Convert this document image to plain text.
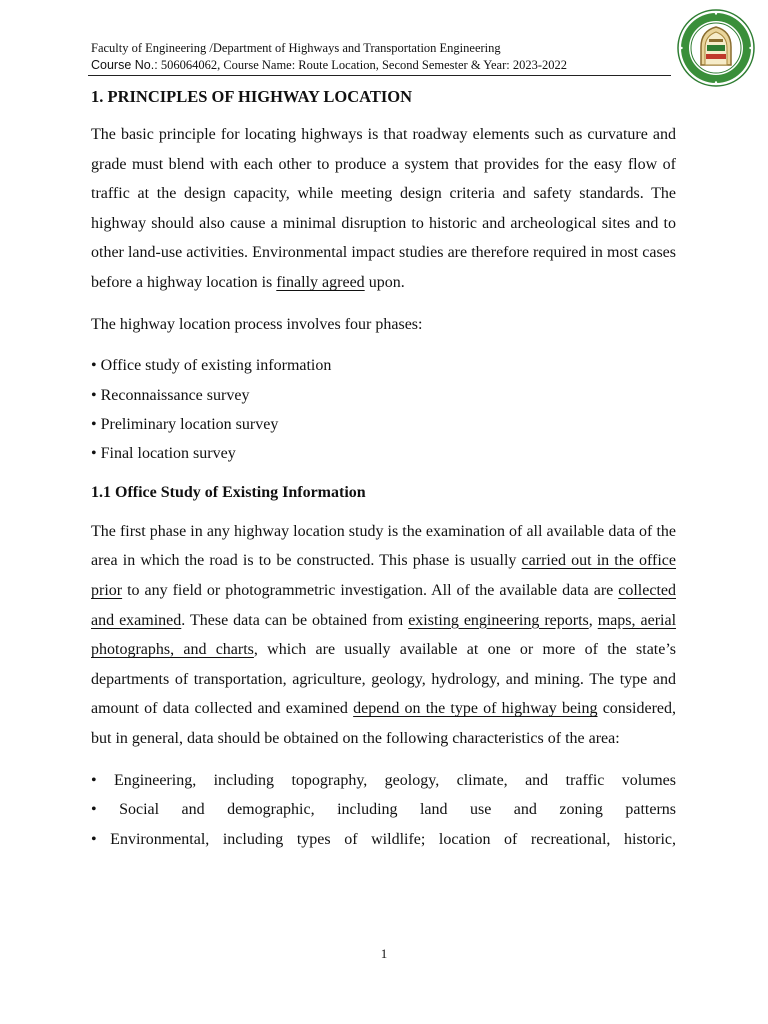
Faculty of Engineering /Department of Highways and Transportation Engineering
Course No.: 506064062, Course Name: Route Location, Second Semester & Year: 2023-2022
1. PRINCIPLES OF HIGHWAY LOCATION

The basic principle for locating highways is that roadway elements such as curvature and grade must blend with each other to produce a system that provides for the easy flow of traffic at the design capacity, while meeting design criteria and safety standards. The highway should also cause a minimal disruption to historic and archeological sites and to other land-use activities. Environmental impact studies are therefore required in most cases before a highway location is finally agreed upon.

The highway location process involves four phases:

• Office study of existing information
• Reconnaissance survey
• Preliminary location survey
• Final location survey
1.1 Office Study of Existing Information

The first phase in any highway location study is the examination of all available data of the area in which the road is to be constructed. This phase is usually carried out in the office prior to any field or photogrammetric investigation. All of the available data are collected and examined. These data can be obtained from existing engineering reports, maps, aerial photographs, and charts, which are usually available at one or more of the state’s departments of transportation, agriculture, geology, hydrology, and mining. The type and amount of data collected and examined depend on the type of highway being considered, but in general, data should be obtained on the following characteristics of the area:

• Engineering, including topography, geology, climate, and traffic volumes

• Social and demographic, including land use and zoning patterns

• Environmental, including types of wildlife; location of recreational, historic,

1
